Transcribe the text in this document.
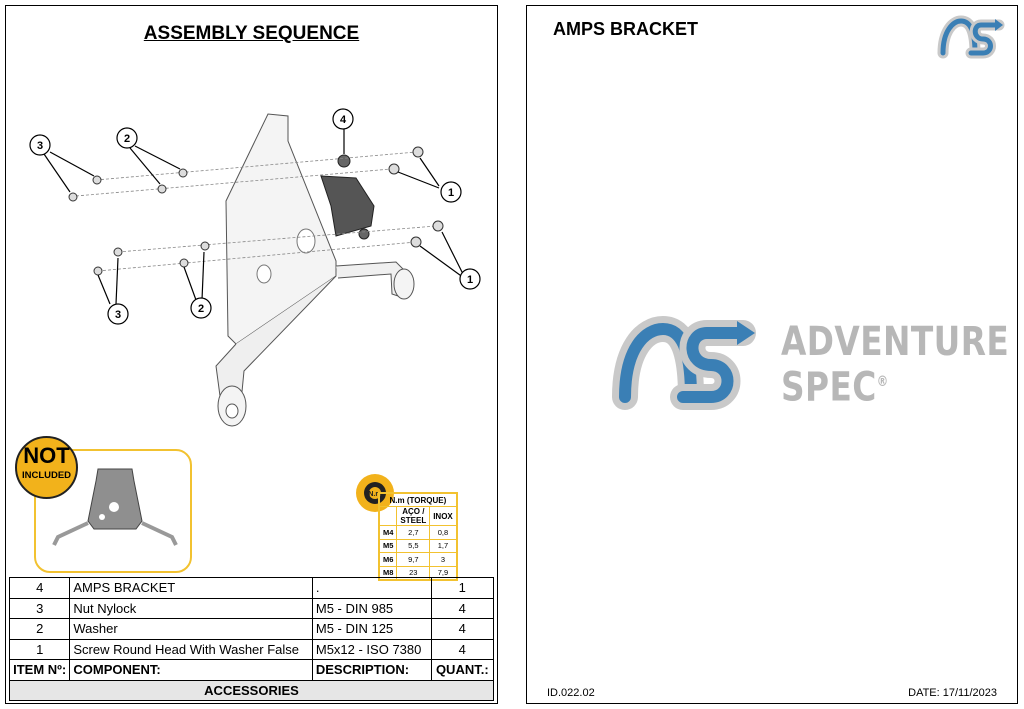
ASSEMBLY SEQUENCE
3
2
4
1
1
3	2
NOT
INCLUDED
N.m
N.m (TORQUE)		
	AÇO / STEEL	INOX
M4	2,7	0,8
M5	5,5	1,7
M6	9,7	3
M8	23	7,9
4	AMPS BRACKET	.	1
3	Nut Nylock	M5 - DIN 985	4
2	Washer	M5 - DIN 125	4
1	Screw Round Head With Washer False	M5x12 - ISO 7380	4
ITEM Nº:	COMPONENT:	DESCRIPTION:	QUANT.:
ACCESSORIES			
AMPS BRACKET
ADVENTURE
SPEC®
ID.022.02	DATE: 17/11/2023
